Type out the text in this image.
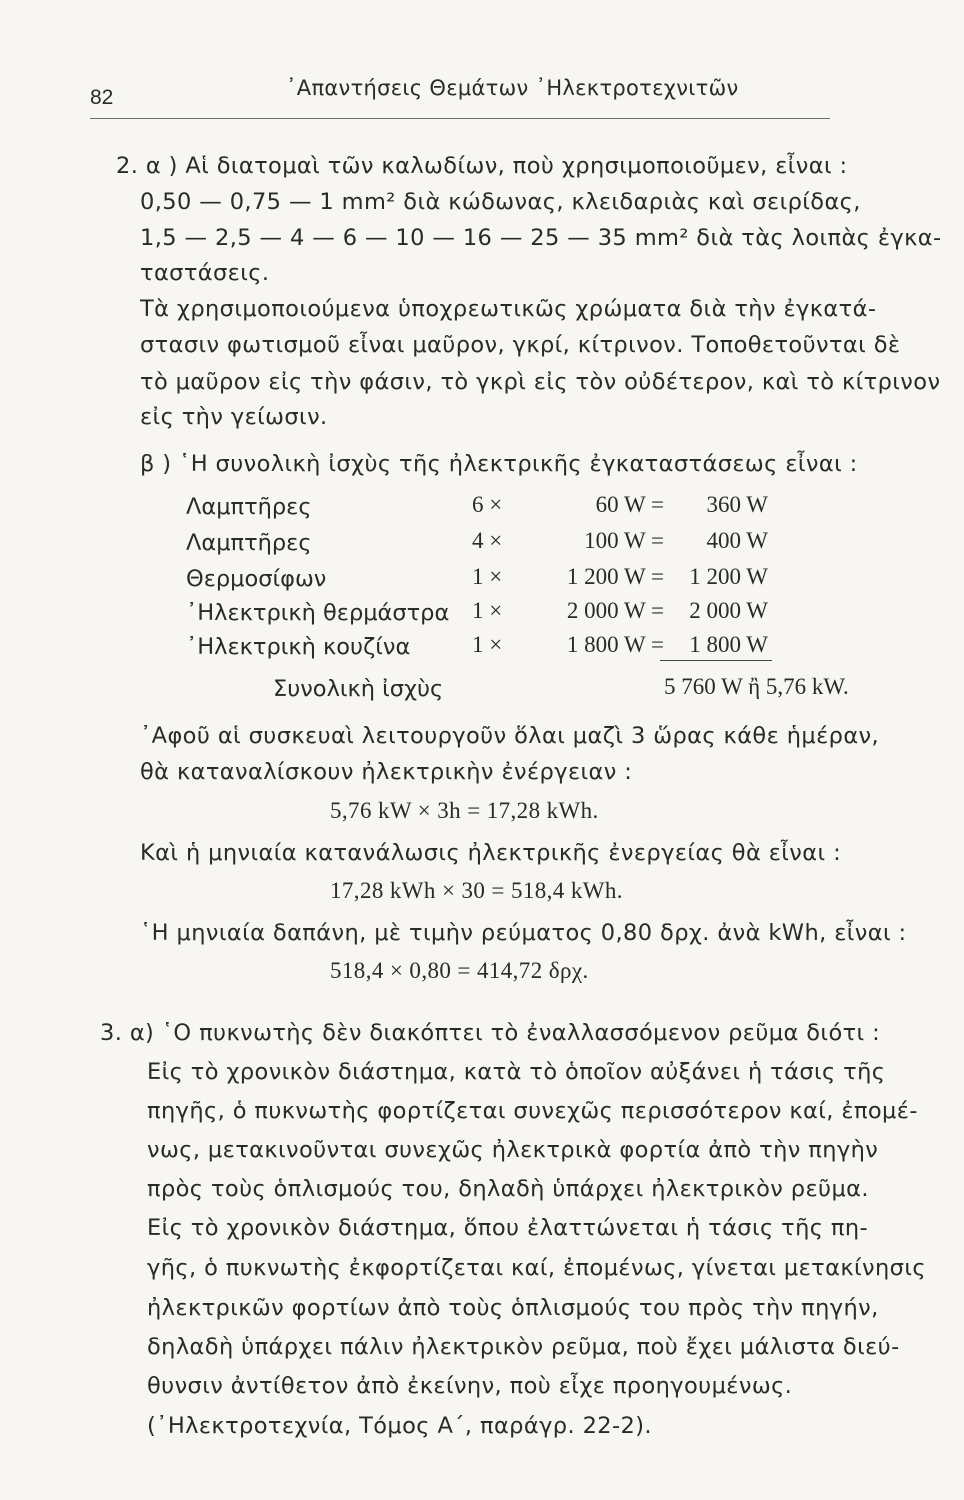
82	᾿Απαντήσεις Θεμάτων ᾿Ηλεκτροτεχνιτῶν
2. α ) Αἱ διατομαὶ τῶν καλωδίων, ποὺ χρησιμοποιοῦμεν, εἶναι :
0,50 — 0,75 — 1 mm² διὰ κώδωνας, κλειδαριὰς καὶ σειρίδας,
1,5 — 2,5 — 4 — 6 — 10 — 16 — 25 — 35 mm² διὰ τὰς λοιπὰς ἐγκα-
ταστάσεις.
Τὰ χρησιμοποιούμενα ὑποχρεωτικῶς χρώματα διὰ τὴν ἐγκατά-
στασιν φωτισμοῦ εἶναι μαῦρον, γκρί, κίτρινον. Τοποθετοῦνται δὲ
τὸ μαῦρον εἰς τὴν φάσιν, τὸ γκρὶ εἰς τὸν οὐδέτερον, καὶ τὸ κίτρινον
εἰς τὴν γείωσιν.
β ) ῾Η συνολικὴ ἰσχὺς τῆς ἠλεκτρικῆς ἐγκαταστάσεως εἶναι :
Λαμπτῆρες	6 ×	60 W = 360 W
Λαμπτῆρες	4 ×	100 W = 400 W
Θερμοσίφων	1 ×	1 200 W = 1 200 W
᾿Ηλεκτρικὴ θερμάστρα 1 ×	2 000 W = 2 000 W
᾿Ηλεκτρικὴ κουζίνα	1 ×	1 800 W = 1 800 W
Συνολικὴ ἰσχὺς	5 760 W ἢ 5,76 kW.
᾿Αφοῦ αἱ συσκευαὶ λειτουργοῦν ὅλαι μαζὶ 3 ὥρας κάθε ἡμέραν,
θὰ καταναλίσκουν ἠλεκτρικὴν ἐνέργειαν :
5,76 kW × 3h = 17,28 kWh.
Καὶ ἡ μηνιαία κατανάλωσις ἠλεκτρικῆς ἐνεργείας θὰ εἶναι :
17,28 kWh × 30 = 518,4 kWh.
῾Η μηνιαία δαπάνη, μὲ τιμὴν ρεύματος 0,80 δρχ. ἀνὰ kWh, εἶναι :
518,4 × 0,80 = 414,72 δρχ.
3. α) ῾Ο πυκνωτὴς δὲν διακόπτει τὸ ἐναλλασσόμενον ρεῦμα διότι :
Εἰς τὸ χρονικὸν διάστημα, κατὰ τὸ ὁποῖον αὐξάνει ἡ τάσις τῆς
πηγῆς, ὁ πυκνωτὴς φορτίζεται συνεχῶς περισσότερον καί, ἐπομέ-
νως, μετακινοῦνται συνεχῶς ἠλεκτρικὰ φορτία ἀπὸ τὴν πηγὴν
πρὸς τοὺς ὁπλισμούς του, δηλαδὴ ὑπάρχει ἠλεκτρικὸν ρεῦμα.
Εἰς τὸ χρονικὸν διάστημα, ὅπου ἐλαττώνεται ἡ τάσις τῆς πη-
γῆς, ὁ πυκνωτὴς ἐκφορτίζεται καί, ἐπομένως, γίνεται μετακίνησις
ἠλεκτρικῶν φορτίων ἀπὸ τοὺς ὁπλισμούς του πρὸς τὴν πηγήν,
δηλαδὴ ὑπάρχει πάλιν ἠλεκτρικὸν ρεῦμα, ποὺ ἔχει μάλιστα διεύ-
θυνσιν ἀντίθετον ἀπὸ ἐκείνην, ποὺ εἶχε προηγουμένως.
(᾿Ηλεκτροτεχνία, Τόμος Α΄, παράγρ. 22-2).
